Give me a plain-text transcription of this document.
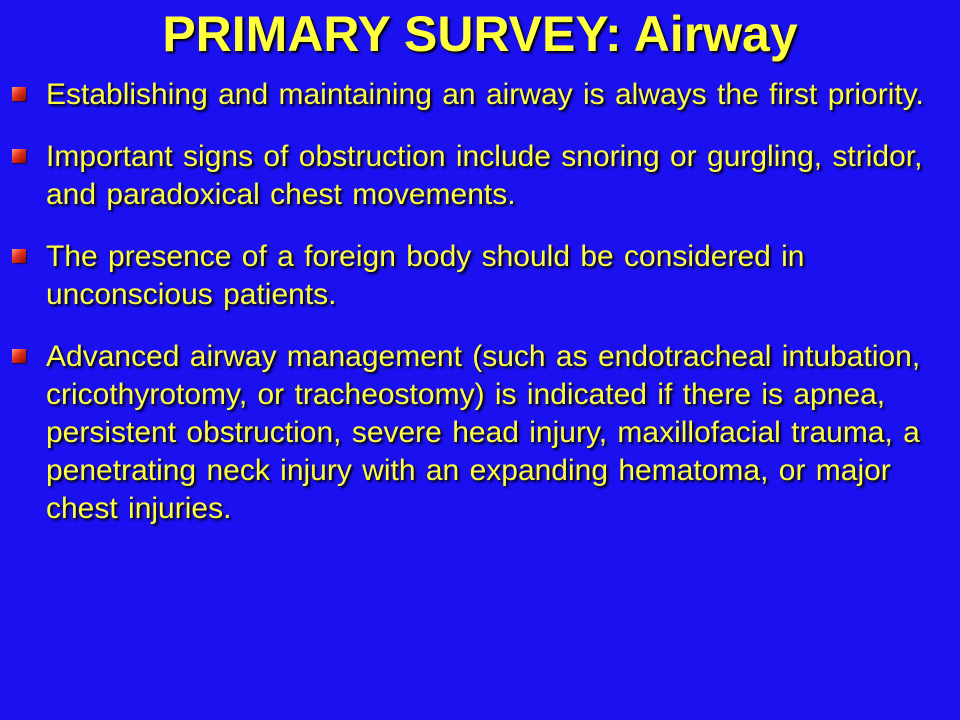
PRIMARY SURVEY: Airway
Establishing and maintaining an airway is always the first priority.
Important signs of obstruction include snoring or gurgling, stridor, and paradoxical chest movements.
The presence of a foreign body should be considered in unconscious patients.
Advanced airway management (such as endotracheal intubation, cricothyrotomy, or tracheostomy) is indicated if there is apnea, persistent obstruction, severe head injury, maxillofacial trauma, a penetrating neck injury with an expanding hematoma, or major chest injuries.
